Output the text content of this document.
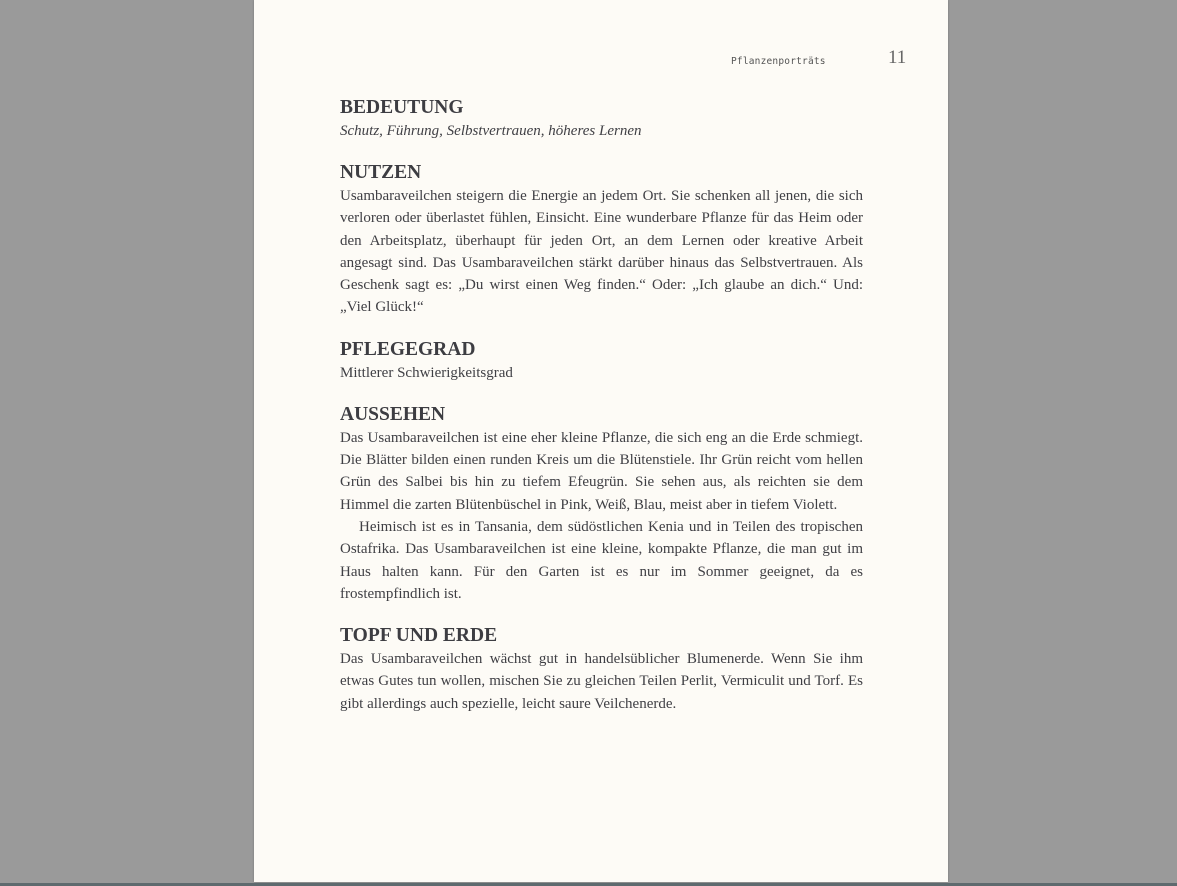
Pflanzenporträts	11
BEDEUTUNG

Schutz, Führung, Selbstvertrauen, höheres Lernen

NUTZEN

Usambaraveilchen steigern die Energie an jedem Ort. Sie schenken all jenen, die sich verloren oder überlastet fühlen, Einsicht. Eine wunderbare Pflanze für das Heim oder den Arbeitsplatz, überhaupt für jeden Ort, an dem Lernen oder kreative Arbeit angesagt sind. Das Usambaraveilchen stärkt darüber hinaus das Selbstvertrauen. Als Geschenk sagt es: „Du wirst einen Weg finden.“ Oder: „Ich glaube an dich.“ Und: „Viel Glück!“

PFLEGEGRAD

Mittlerer Schwierigkeitsgrad

AUSSEHEN

Das Usambaraveilchen ist eine eher kleine Pflanze, die sich eng an die Erde schmiegt. Die Blätter bilden einen runden Kreis um die Blütenstiele. Ihr Grün reicht vom hellen Grün des Salbei bis hin zu tiefem Efeugrün. Sie sehen aus, als reichten sie dem Himmel die zarten Blütenbüschel in Pink, Weiß, Blau, meist aber in tiefem Violett.

Heimisch ist es in Tansania, dem südöstlichen Kenia und in Teilen des tropischen Ostafrika. Das Usambaraveilchen ist eine kleine, kompakte Pflanze, die man gut im Haus halten kann. Für den Garten ist es nur im Sommer geeignet, da es frostempfindlich ist.

TOPF UND ERDE

Das Usambaraveilchen wächst gut in handelsüblicher Blumenerde. Wenn Sie ihm etwas Gutes tun wollen, mischen Sie zu gleichen Teilen Perlit, Vermiculit und Torf. Es gibt allerdings auch spezielle, leicht saure Veilchenerde.
